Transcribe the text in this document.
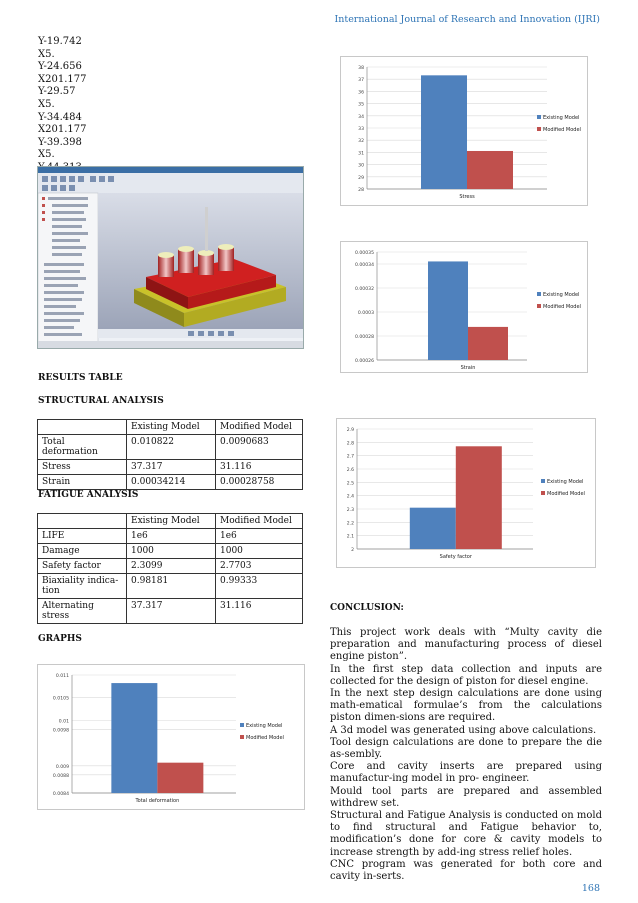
International Journal of Research and Innovation (IJRI)
Y-19.742
X5.
Y-24.656
X201.177
Y-29.57
X5.
Y-34.484
X201.177
Y-39.398
X5.
RESULTS TABLE
STRUCTURAL ANALYSIS
	Existing Model	Modified Model
Total deformation	0.010822	0.0090683
Stress	37.317	31.116
Strain	0.00034214	0.00028758
FATIGUE ANALYSIS
	Existing Model	Modified Model
LIFE	1e6	1e6
Damage	1000	1000
Safety factor	2.3099	2.7703
Biaxiality indica-tion	0.98181	0.99333
Alternating stress	37.317	31.116
GRAPHS
28
29
30
31
32
33
34
35
36
37
38
Stress
Existing Model
Modified Model
0.00026
0.00028
0.0003
0.00032
0.00034
0.00035
Strain
Existing Model
Modified Model
2
2.1
2.2
2.3
2.4
2.5
2.6
2.7
2.8
2.9
Safety factor
Existing Model
Modified Model
0.0084
0.0088
0.009
0.0098
0.01
0.0105
0.011
Total deformation
Existing Model
Modified Model
CONCLUSION:

This project work deals with “Multy cavity die preparation and manufacturing process of diesel engine piston”.

In the first step data collection and inputs are collected for the design of piston for diesel engine.

In the next step design calculations are done using math-ematical formulae’s from the calculations piston dimen-sions are required.

A 3d model was generated using above calculations.

Tool design calculations are done to prepare the die as-sembly.

Core and cavity inserts are prepared using manufactur-ing model in pro- engineer.

Mould tool parts are prepared and assembled withdrew set.

Structural and Fatigue Analysis is conducted on mold to find structural and Fatigue behavior to, modification’s done for core & cavity models to increase strength by add-ing stress relief holes.

CNC program was generated for both core and cavity in-serts.

168
